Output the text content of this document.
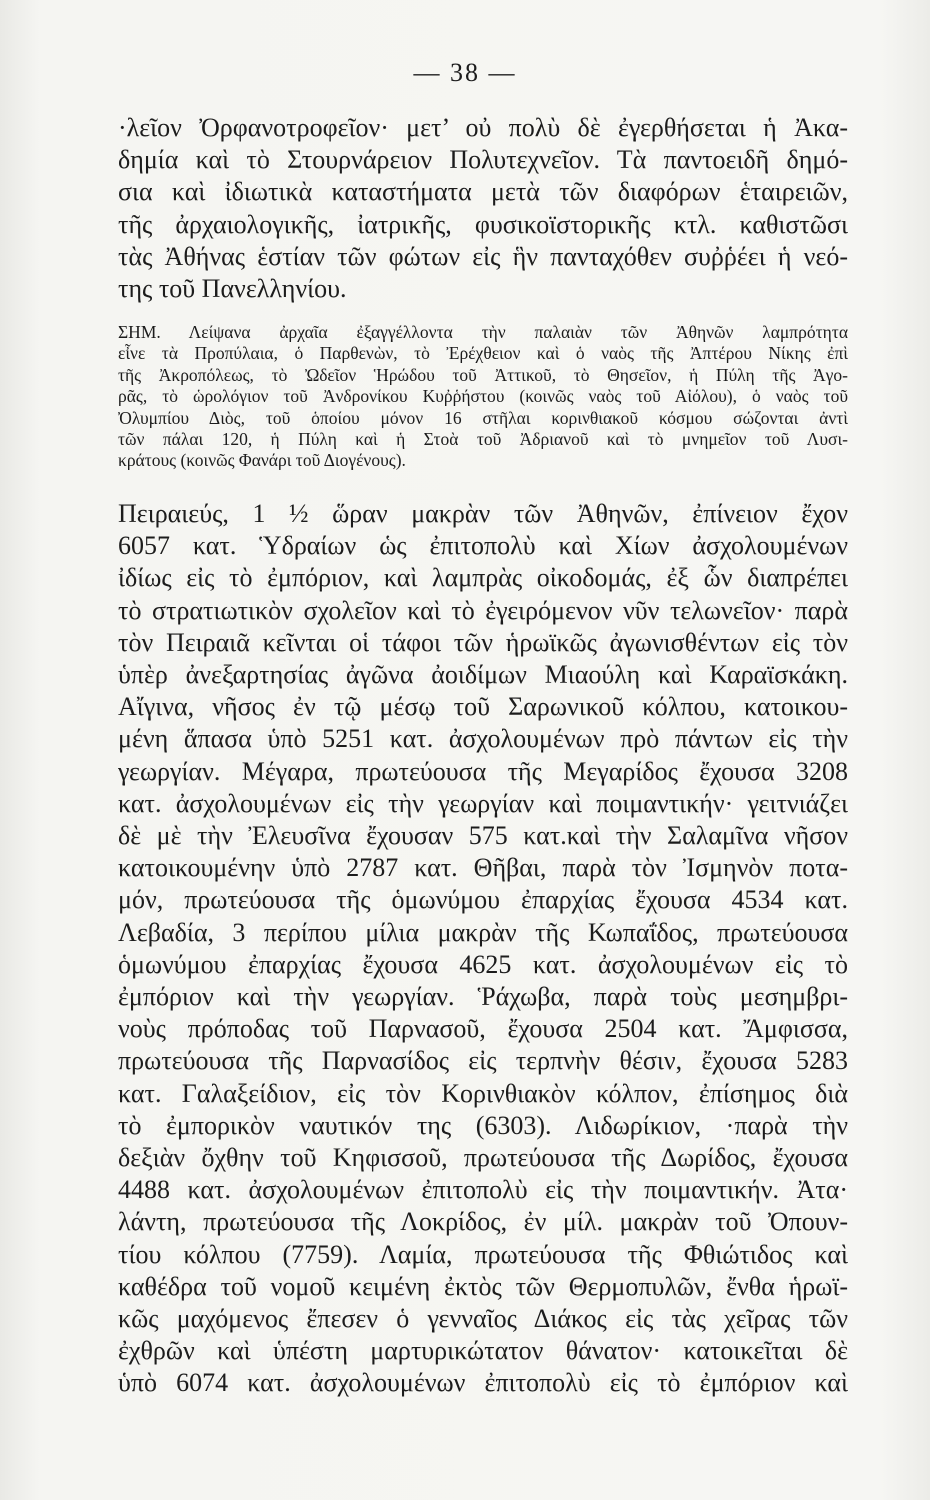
— 38 —
·λεῖον Ὀρφανοτροφεῖον· μετ’ οὐ πολὺ δὲ ἐγερθήσεται ἡ Ἀκα-
δημία καὶ τὸ Στουρνάρειον Πολυτεχνεῖον. Τὰ παντοειδῆ δημό-
σια καὶ ἰδιωτικὰ καταστήματα μετὰ τῶν διαφόρων ἑταιρειῶν,
τῆς ἀρχαιολογικῆς, ἰατρικῆς, φυσικοϊστορικῆς κτλ. καθιστῶσι
τὰς Ἀθήνας ἑστίαν τῶν φώτων εἰς ἣν πανταχόθεν συῤῥέει ἡ νεό-
της τοῦ Πανελληνίου.
ΣΗΜ. Λείψανα ἀρχαῖα ἐξαγγέλλοντα τὴν παλαιὰν τῶν Ἀθηνῶν λαμπρότητα
εἶνε τὰ Προπύλαια, ὁ Παρθενὼν, τὸ Ἐρέχθειον καὶ ὁ ναὸς τῆς Ἀπτέρου Νίκης ἐπὶ
τῆς Ἀκροπόλεως, τὸ Ὠδεῖον Ἡρώδου τοῦ Ἀττικοῦ, τὸ Θησεῖον, ἡ Πύλη τῆς Ἀγο-
ρᾶς, τὸ ὡρολόγιον τοῦ Ἀνδρονίκου Κυῤῥήστου (κοινῶς ναὸς τοῦ Αἰόλου), ὁ ναὸς τοῦ
Ὀλυμπίου Διὸς, τοῦ ὁποίου μόνον 16 στῆλαι κορινθιακοῦ κόσμου σώζονται ἀντὶ
τῶν πάλαι 120, ἡ Πύλη καὶ ἡ Στοὰ τοῦ Ἀδριανοῦ καὶ τὸ μνημεῖον τοῦ Λυσι-
κράτους (κοινῶς Φανάρι τοῦ Διογένους).
Πειραιεύς, 1 ½ ὥραν μακρὰν τῶν Ἀθηνῶν, ἐπίνειον ἔχον
6057 κατ. Ὑδραίων ὡς ἐπιτοπολὺ καὶ Χίων ἀσχολουμένων
ἰδίως εἰς τὸ ἐμπόριον, καὶ λαμπρὰς οἰκοδομάς, ἐξ ὧν διαπρέπει
τὸ στρατιωτικὸν σχολεῖον καὶ τὸ ἐγειρόμενον νῦν τελωνεῖον· παρὰ
τὸν Πειραιᾶ κεῖνται οἱ τάφοι τῶν ἡρωϊκῶς ἀγωνισθέντων εἰς τὸν
ὑπὲρ ἀνεξαρτησίας ἀγῶνα ἀοιδίμων Μιαούλη καὶ Καραϊσκάκη.
Αἴγινα, νῆσος ἐν τῷ μέσῳ τοῦ Σαρωνικοῦ κόλπου, κατοικου-
μένη ἅπασα ὑπὸ 5251 κατ. ἀσχολουμένων πρὸ πάντων εἰς τὴν
γεωργίαν. Μέγαρα, πρωτεύουσα τῆς Μεγαρίδος ἔχουσα 3208
κατ. ἀσχολουμένων εἰς τὴν γεωργίαν καὶ ποιμαντικήν· γειτνιάζει
δὲ μὲ τὴν Ἐλευσῖνα ἔχουσαν 575 κατ.καὶ τὴν Σαλαμῖνα νῆσον
κατοικουμένην ὑπὸ 2787 κατ. Θῆβαι, παρὰ τὸν Ἰσμηνὸν ποτα-
μόν, πρωτεύουσα τῆς ὁμωνύμου ἐπαρχίας ἔχουσα 4534 κατ.
Λεβαδία, 3 περίπου μίλια μακρὰν τῆς Κωπαΐδος, πρωτεύουσα
ὁμωνύμου ἐπαρχίας ἔχουσα 4625 κατ. ἀσχολουμένων εἰς τὸ
ἐμπόριον καὶ τὴν γεωργίαν. Ῥάχωβα, παρὰ τοὺς μεσημβρι-
νοὺς πρόποδας τοῦ Παρνασοῦ, ἔχουσα 2504 κατ. Ἄμφισσα,
πρωτεύουσα τῆς Παρνασίδος εἰς τερπνὴν θέσιν, ἔχουσα 5283
κατ. Γαλαξείδιον, εἰς τὸν Κορινθιακὸν κόλπον, ἐπίσημος διὰ
τὸ ἐμπορικὸν ναυτικόν της (6303). Λιδωρίκιον, ·παρὰ τὴν
δεξιὰν ὄχθην τοῦ Κηφισσοῦ, πρωτεύουσα τῆς Δωρίδος, ἔχουσα
4488 κατ. ἀσχολουμένων ἐπιτοπολὺ εἰς τὴν ποιμαντικήν. Ἀτα·
λάντη, πρωτεύουσα τῆς Λοκρίδος, ἐν μίλ. μακρὰν τοῦ Ὀπουν-
τίου κόλπου (7759). Λαμία, πρωτεύουσα τῆς Φθιώτιδος καὶ
καθέδρα τοῦ νομοῦ κειμένη ἐκτὸς τῶν Θερμοπυλῶν, ἔνθα ἡρωϊ-
κῶς μαχόμενος ἔπεσεν ὁ γενναῖος Διάκος εἰς τὰς χεῖρας τῶν
ἐχθρῶν καὶ ὑπέστη μαρτυρικώτατον θάνατον· κατοικεῖται δὲ
ὑπὸ 6074 κατ. ἀσχολουμένων ἐπιτοπολὺ εἰς τὸ ἐμπόριον καὶ
